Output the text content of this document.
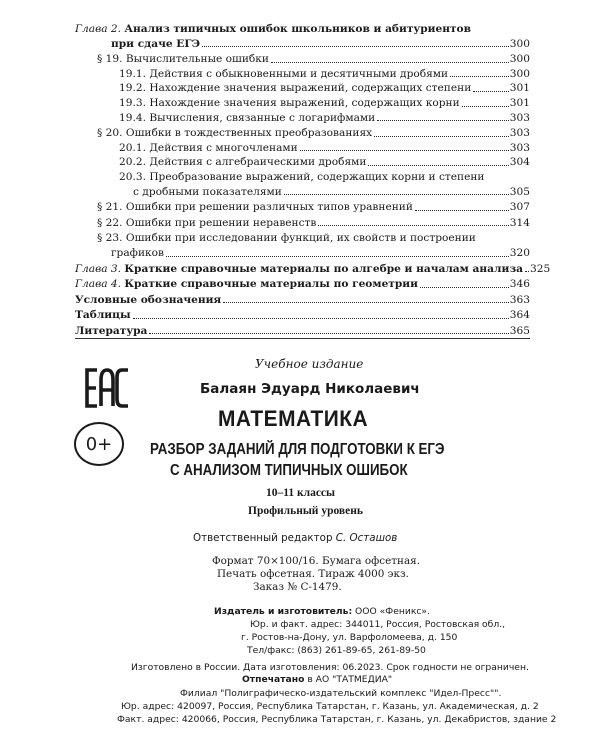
Глава 2. Анализ типичных ошибок школьников и абитуриентов
при сдаче ЕГЭ	300
§ 19. Вычислительные ошибки	300
19.1. Действия с обыкновенными и десятичными дробями	300
19.2. Нахождение значения выражений, содержащих степени	301
19.3. Нахождение значения выражений, содержащих корни	301
19.4. Вычисления, связанные с логарифмами	303
§ 20. Ошибки в тождественных преобразованиях	303
20.1. Действия с многочленами	303
20.2. Действия с алгебраическими дробями	304
20.3. Преобразование выражений, содержащих корни и степени
с дробными показателями	305
§ 21. Ошибки при решении различных типов уравнений	307
§ 22. Ошибки при решении неравенств	314
§ 23. Ошибки при исследовании функций, их свойств и построении
графиков	320
Глава 3. Краткие справочные материалы по алгебре и началам анализа 325
Глава 4. Краткие справочные материалы по геометрии	346
Условные обозначения	363
Таблицы	364
Литература	365
0+
Учебное издание
Балаян Эдуард Николаевич
МАТЕМАТИКА
РАЗБОР ЗАДАНИЙ ДЛЯ ПОДГОТОВКИ К ЕГЭ
С АНАЛИЗОМ ТИПИЧНЫХ ОШИБОК
10–11 классы
Профильный уровень
Ответственный редактор С. Осташов
Формат 70×100/16. Бумага офсетная.
Печать офсетная. Тираж 4000 экз.
Заказ № С-1479.
Издатель и изготовитель: ООО «Феникс».
Юр. и факт. адрес: 344011, Россия, Ростовская обл.,
г. Ростов-на-Дону, ул. Варфоломеева, д. 150
Тел/факс: (863) 261-89-65, 261-89-50
Изготовлено в России. Дата изготовления: 06.2023. Срок годности не ограничен.
Отпечатано в АО "ТАТМЕДИА"
Филиал "Полиграфическо-издательский комплекс "Идел-Пресс"".
Юр. адрес: 420097, Россия, Республика Татарстан, г. Казань, ул. Академическая, д. 2
Факт. адрес: 420066, Россия, Республика Татарстан, г. Казань, ул. Декабристов, здание 2
